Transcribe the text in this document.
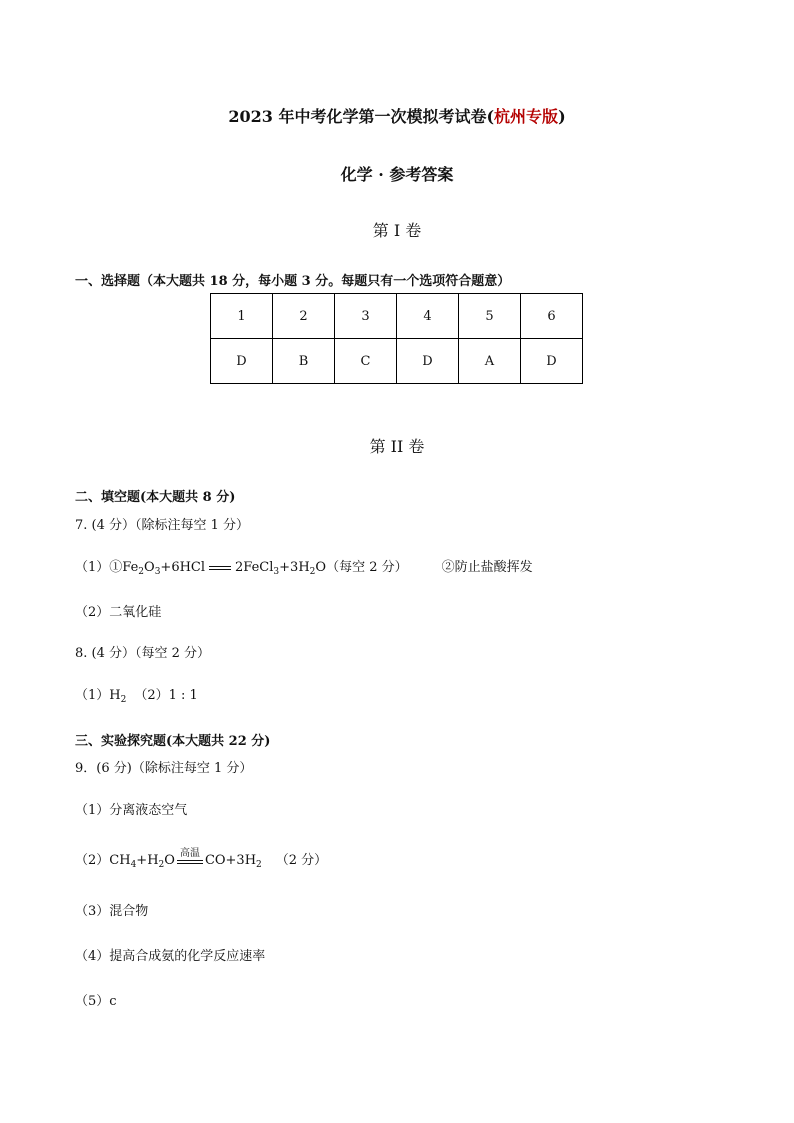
2023 年中考化学第一次模拟考试卷(杭州专版)
化学 · 参考答案
第 I 卷
一、选择题（本大题共 18 分，每小题 3 分。每题只有一个选项符合题意）
1	2	3	4	5	6
D	B	C	D	A	D
第 II 卷
二、填空题(本大题共 8 分)
7. (4 分）（除标注每空 1 分）
$(1)①Fe_2O_3+6HCl$ $2FeCl_3+3H_2O$（每空 2 分）	②防止盐酸挥发
（2）二氧化硅
8. (4 分）（每空 2 分）
$(1)H_2$ （2）1 : 1
三、实验探究题(本大题共 22 分)
9．(6 分)（除标注每空 1 分）
（1）分离液态空气
$(2)CH_4+H_2O$ 高温 $CO+3H_2$ （2 分）
（3）混合物
（4）提高合成氨的化学反应速率
（5）c
